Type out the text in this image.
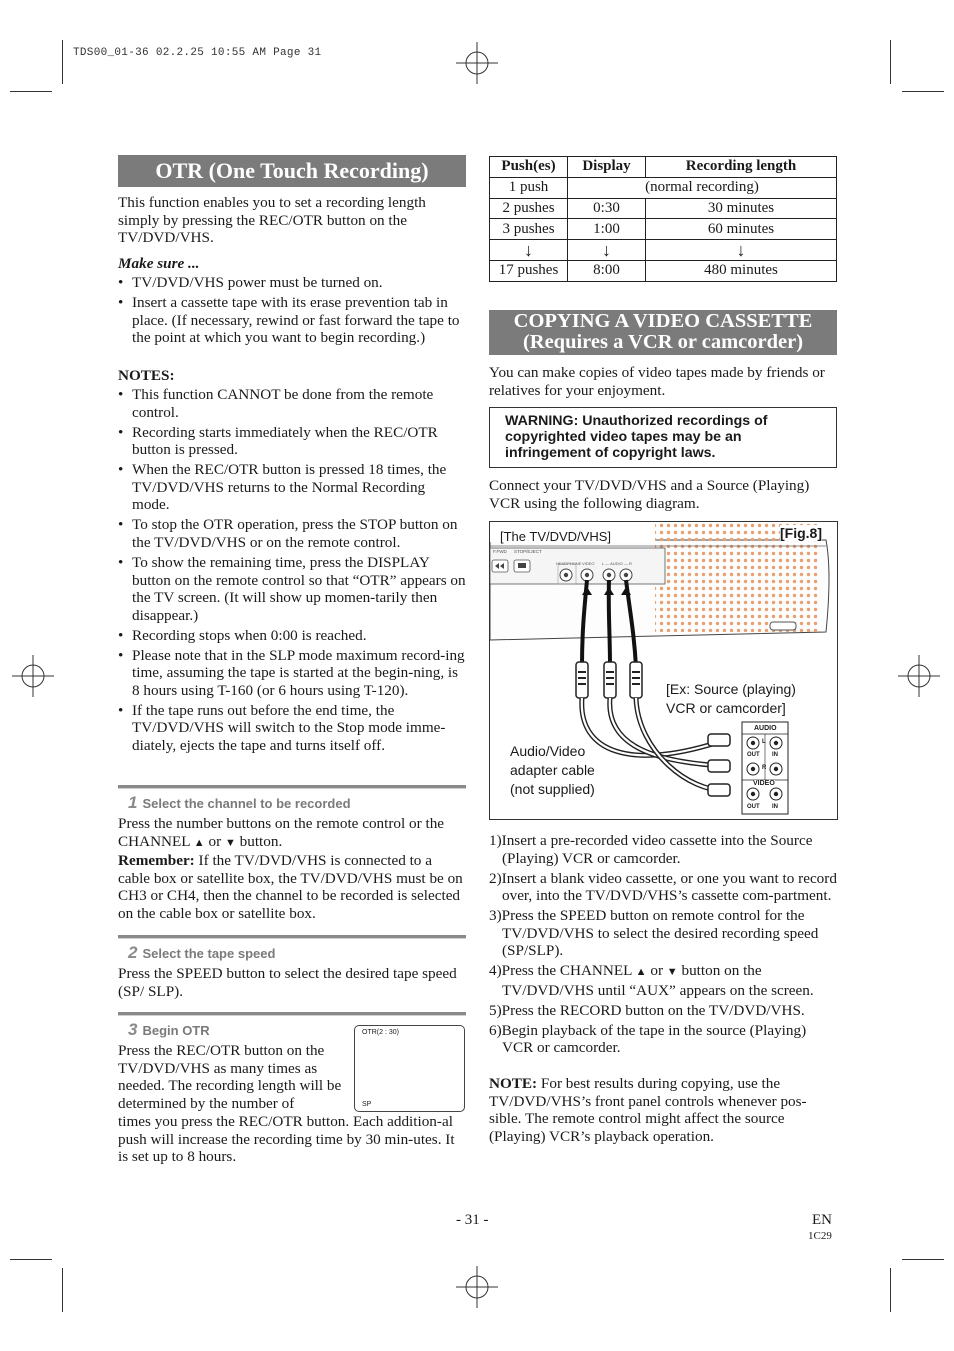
TDS00_01-36 02.2.25 10:55 AM Page 31
OTR (One Touch Recording)
This function enables you to set a recording length simply by pressing the REC/OTR button on the TV/DVD/VHS.
Make sure ...
• TV/DVD/VHS power must be turned on.
• Insert a cassette tape with its erase prevention tab in place. (If necessary, rewind or fast forward the tape to the point at which you want to begin recording.)
NOTES:
• This function CANNOT be done from the remote control.
• Recording starts immediately when the REC/OTR button is pressed.
• When the REC/OTR button is pressed 18 times, the TV/DVD/VHS returns to the Normal Recording mode.
• To stop the OTR operation, press the STOP button on the TV/DVD/VHS or on the remote control.
• To show the remaining time, press the DISPLAY button on the remote control so that “OTR” appears on the TV screen. (It will show up momen-tarily then disappear.)
• Recording stops when 0:00 is reached.
• Please note that in the SLP mode maximum record-ing time, assuming the tape is started at the begin-ning, is 8 hours using T-160 (or 6 hours using T-120).
• If the tape runs out before the end time, the TV/DVD/VHS will switch to the Stop mode imme-diately, ejects the tape and turns itself off.
1 Select the channel to be recorded
Press the number buttons on the remote control or the CHANNEL ▲ or ▼ button.
Remember: If the TV/DVD/VHS is connected to a cable box or satellite box, the TV/DVD/VHS must be on CH3 or CH4, then the channel to be recorded is selected on the cable box or satellite box.
2 Select the tape speed
Press the SPEED button to select the desired tape speed (SP/ SLP).
3 Begin OTR
Press the REC/OTR button on the TV/DVD/VHS as many times as needed. The recording length will be determined by the number of
times you press the REC/OTR button. Each addition-al push will increase the recording time by 30 min-utes. It is set up to 8 hours.
OTR(2 : 30)
SP
Push(es)	Display	Recording length
1 push	(normal recording)	
2 pushes	0:30	30 minutes
3 pushes	1:00	60 minutes
↓	↓	↓
17 pushes	8:00	480 minutes
COPYING A VIDEO CASSETTE
(Requires a VCR or camcorder)
You can make copies of video tapes made by friends or relatives for your enjoyment.
WARNING: Unauthorized recordings of copyrighted video tapes may be an infringement of copyright laws.
Connect your TV/DVD/VHS and a Source (Playing) VCR using the following diagram.
[The TV/DVD/VHS]	[Fig.8]
F.FWD STOP/EJECT
HEADPHONE VIDEO L — AUDIO — R
[Ex: Source (playing)
VCR or camcorder]
Audio/Video
adapter cable
(not supplied)
AUDIO
L
R
OUT IN
VIDEO
OUT IN
1)Insert a pre-recorded video cassette into the Source (Playing) VCR or camcorder.
2)Insert a blank video cassette, or one you want to record over, into the TV/DVD/VHS’s cassette com-partment.
3)Press the SPEED button on remote control for the TV/DVD/VHS to select the desired recording speed (SP/SLP).
4)Press the CHANNEL ▲ or ▼ button on the TV/DVD/VHS until “AUX” appears on the screen.
5)Press the RECORD button on the TV/DVD/VHS.
6)Begin playback of the tape in the source (Playing) VCR or camcorder.
NOTE: For best results during copying, use the TV/DVD/VHS’s front panel controls whenever pos-sible. The remote control might affect the source (Playing) VCR’s playback operation.
- 31 -	EN
1C29
